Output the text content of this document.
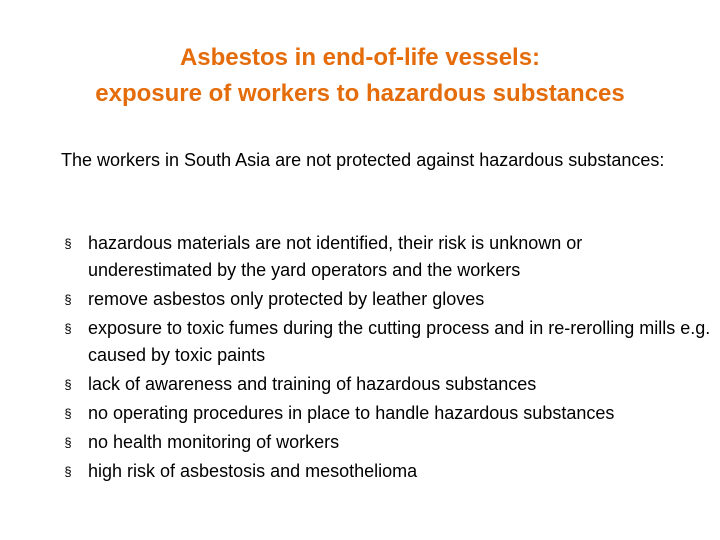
Asbestos in end-of-life vessels:
exposure of workers to hazardous substances
The workers in South Asia are not protected against hazardous substances:
§ hazardous materials are not identified, their risk is unknown or underestimated by the yard operators and the workers
§ remove asbestos only protected by leather gloves
§ exposure to toxic fumes during the cutting process and in re-rerolling mills e.g. caused by toxic paints
§ lack of awareness and training of hazardous substances
§ no operating procedures in place to handle hazardous substances
§ no health monitoring of workers
§ high risk of asbestosis and mesothelioma
